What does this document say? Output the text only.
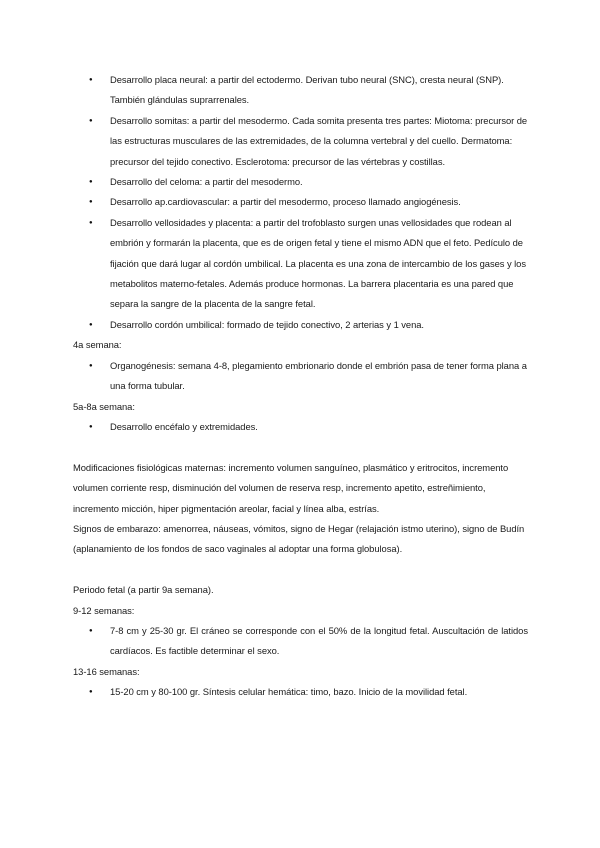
● Desarrollo placa neural: a partir del ectodermo. Derivan tubo neural (SNC), cresta neural (SNP). También glándulas suprarrenales.
● Desarrollo somitas: a partir del mesodermo. Cada somita presenta tres partes: Miotoma: precursor de las estructuras musculares de las extremidades, de la columna vertebral y del cuello. Dermatoma: precursor del tejido conectivo. Esclerotoma: precursor de las vértebras y costillas.
● Desarrollo del celoma: a partir del mesodermo.
● Desarrollo ap.cardiovascular: a partir del mesodermo, proceso llamado angiogénesis.
● Desarrollo vellosidades y placenta: a partir del trofoblasto surgen unas vellosidades que rodean al embrión y formarán la placenta, que es de origen fetal y tiene el mismo ADN que el feto. Pedículo de fijación que dará lugar al cordón umbilical. La placenta es una zona de intercambio de los gases y los metabolitos materno-fetales. Además produce hormonas. La barrera placentaria es una pared que separa la sangre de la placenta de la sangre fetal.
● Desarrollo cordón umbilical: formado de tejido conectivo, 2 arterias y 1 vena.

4a semana:

● Organogénesis: semana 4-8, plegamiento embrionario donde el embrión pasa de tener forma plana a una forma tubular.

5a-8a semana:

● Desarrollo encéfalo y extremidades.

Modificaciones fisiológicas maternas: incremento volumen sanguíneo, plasmático y eritrocitos, incremento volumen corriente resp, disminución del volumen de reserva resp, incremento apetito, estreñimiento, incremento micción, hiper pigmentación areolar, facial y línea alba, estrías.

Signos de embarazo: amenorrea, náuseas, vómitos, signo de Hegar (relajación istmo uterino), signo de Budín (aplanamiento de los fondos de saco vaginales al adoptar una forma globulosa).

Periodo fetal (a partir 9a semana).

9-12 semanas:

● 7-8 cm y 25-30 gr. El cráneo se corresponde con el 50% de la longitud fetal. Auscultación de latidos cardíacos. Es factible determinar el sexo.

13-16 semanas:

● 15-20 cm y 80-100 gr. Síntesis celular hemática: timo, bazo. Inicio de la movilidad fetal.
